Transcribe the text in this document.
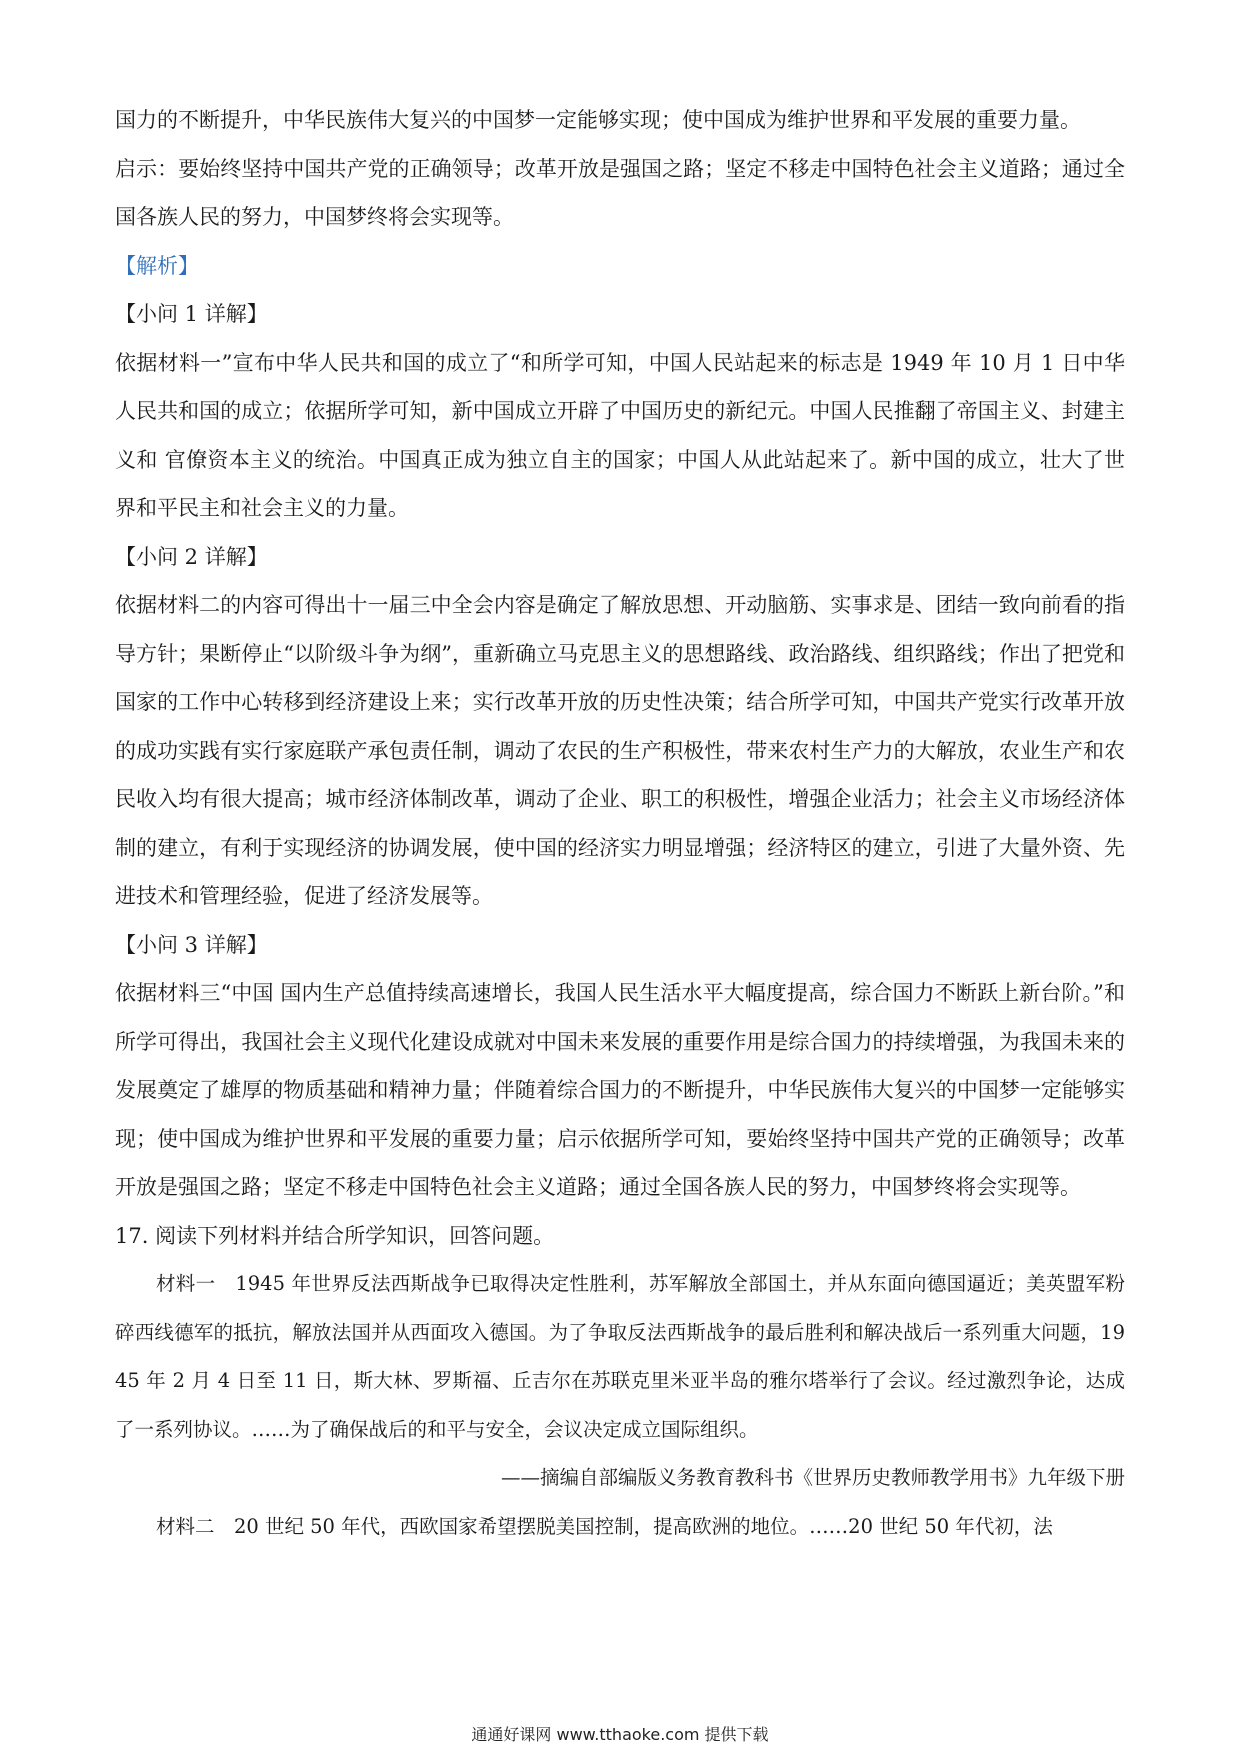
国力的不断提升，中华民族伟大复兴的中国梦一定能够实现；使中国成为维护世界和平发展的重要力量。

启示：要始终坚持中国共产党的正确领导；改革开放是强国之路；坚定不移走中国特色社会主义道路；通过全国各族人民的努力，中国梦终将会实现等。

【解析】

【小问 1 详解】

依据材料一”宣布中华人民共和国的成立了“和所学可知，中国人民站起来的标志是 1949 年 10 月 1 日中华人民共和国的成立；依据所学可知，新中国成立开辟了中国历史的新纪元。中国人民推翻了帝国主义、封建主义和 官僚资本主义的统治。中国真正成为独立自主的国家；中国人从此站起来了。新中国的成立，壮大了世 界和平民主和社会主义的力量。

【小问 2 详解】

依据材料二的内容可得出十一届三中全会内容是确定了解放思想、开动脑筋、实事求是、团结一致向前看的指导方针；果断停止“以阶级斗争为纲”，重新确立马克思主义的思想路线、政治路线、组织路线；作出了把党和国家的工作中心转移到经济建设上来；实行改革开放的历史性决策；结合所学可知，中国共产党实行改革开放的成功实践有实行家庭联产承包责任制，调动了农民的生产积极性，带来农村生产力的大解放，农业生产和农民收入均有很大提高；城市经济体制改革，调动了企业、职工的积极性，增强企业活力；社会主义市场经济体制的建立，有利于实现经济的协调发展，使中国的经济实力明显增强；经济特区的建立，引进了大量外资、先进技术和管理经验，促进了经济发展等。

【小问 3 详解】

依据材料三“中国 国内生产总值持续高速增长，我国人民生活水平大幅度提高，综合国力不断跃上新台阶。”和所学可得出，我国社会主义现代化建设成就对中国未来发展的重要作用是综合国力的持续增强，为我国未来的发展奠定了雄厚的物质基础和精神力量；伴随着综合国力的不断提升，中华民族伟大复兴的中国梦一定能够实现；使中国成为维护世界和平发展的重要力量；启示依据所学可知，要始终坚持中国共产党的正确领导；改革开放是强国之路；坚定不移走中国特色社会主义道路；通过全国各族人民的努力，中国梦终将会实现等。

17. 阅读下列材料并结合所学知识，回答问题。

材料一　1945 年世界反法西斯战争已取得决定性胜利，苏军解放全部国土，并从东面向德国逼近；美英盟军粉碎西线德军的抵抗，解放法国并从西面攻入德国。为了争取反法西斯战争的最后胜利和解决战后一系列重大问题，1945 年 2 月 4 日至 11 日，斯大林、罗斯福、丘吉尔在苏联克里米亚半岛的雅尔塔举行了会议。经过激烈争论，达成了一系列协议。……为了确保战后的和平与安全，会议决定成立国际组织。

——摘编自部编版义务教育教科书《世界历史教师教学用书》九年级下册

材料二　20 世纪 50 年代，西欧国家希望摆脱美国控制，提高欧洲的地位。……20 世纪 50 年代初，法

通通好课网 www.tthaoke.com 提供下载
